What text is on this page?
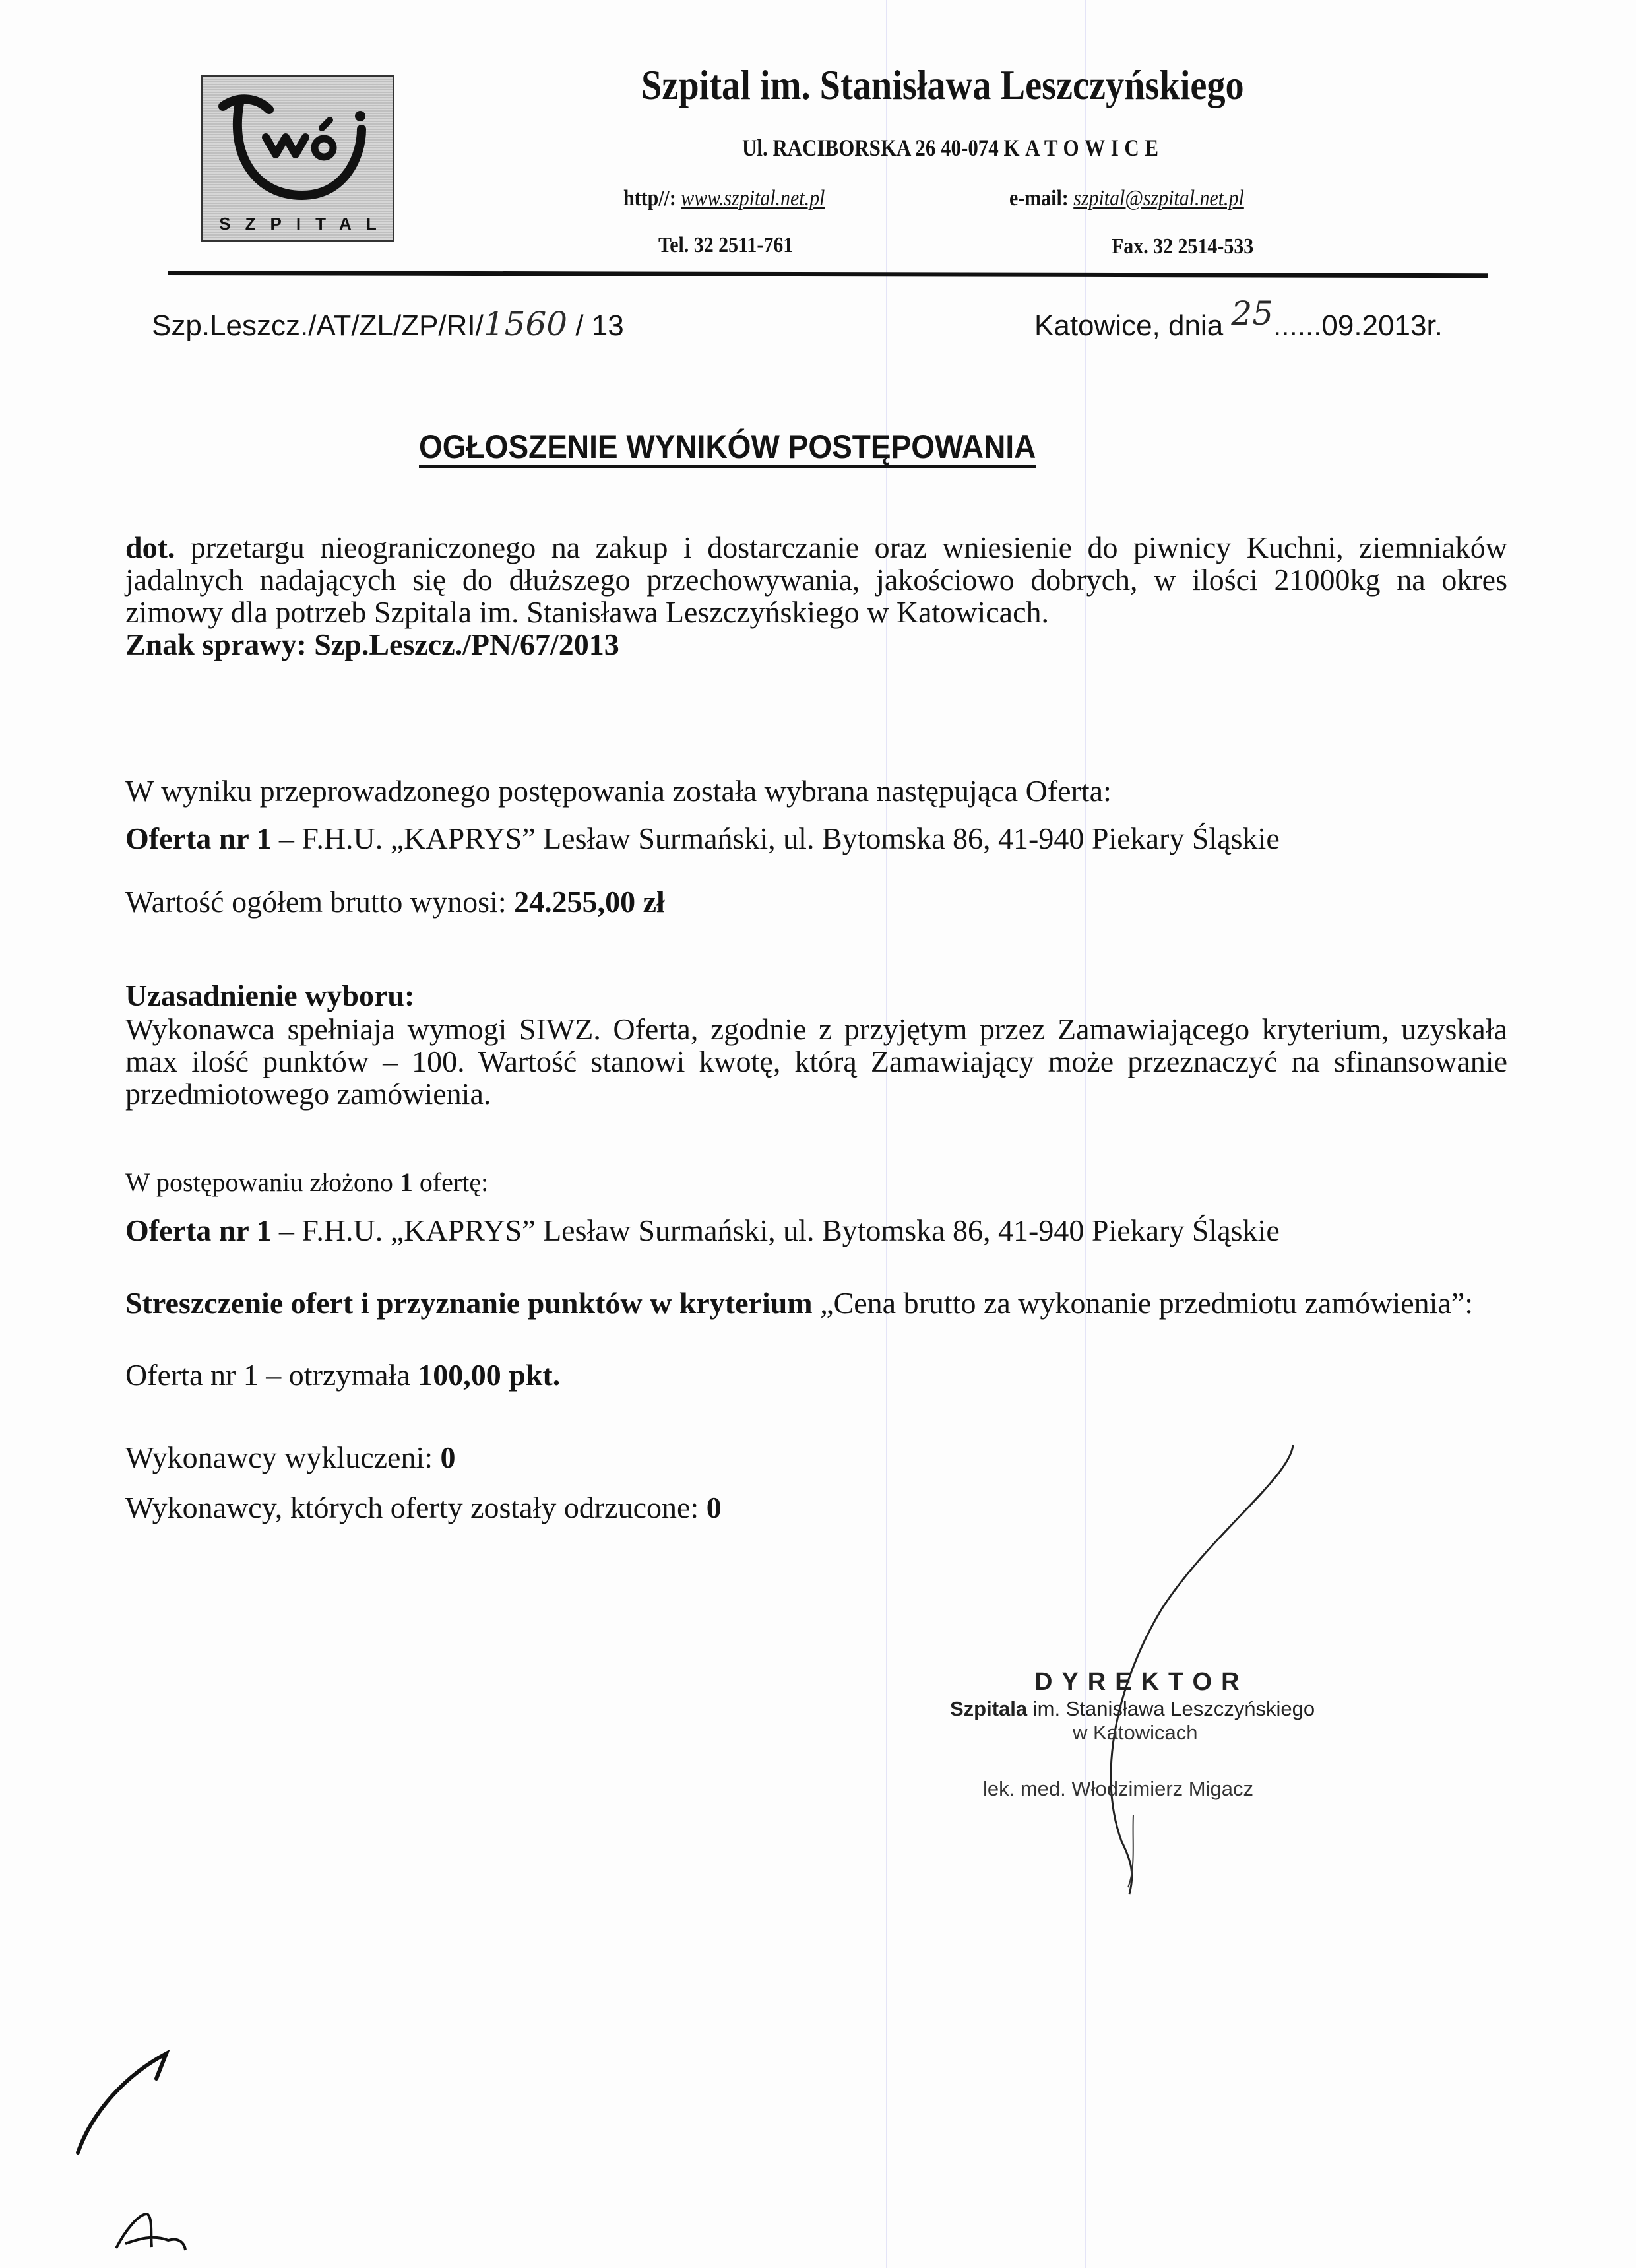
SZPITAL
Szpital im. Stanisława Leszczyńskiego
Ul. RACIBORSKA 26 40-074 KATOWICE
http//: www.szpital.net.pl	e-mail: szpital@szpital.net.pl
Tel. 32 2511-761	Fax. 32 2514-533
Szp.Leszcz./AT/ZL/ZP/RI/1560 / 13	Katowice, dnia 25......09.2013r.
OGŁOSZENIE WYNIKÓW POSTĘPOWANIA
dot. przetargu nieograniczonego na zakup i dostarczanie oraz wniesienie do piwnicy Kuchni, ziemniaków jadalnych nadających się do dłuższego przechowywania, jakościowo dobrych, w ilości 21000kg na okres zimowy dla potrzeb Szpitala im. Stanisława Leszczyńskiego w Katowicach.
Znak sprawy: Szp.Leszcz./PN/67/2013
W wyniku przeprowadzonego postępowania została wybrana następująca Oferta:
Oferta nr 1 – F.H.U. „KAPRYS” Lesław Surmański, ul. Bytomska 86, 41-940 Piekary Śląskie
Wartość ogółem brutto wynosi: 24.255,00 zł
Uzasadnienie wyboru:
Wykonawca spełniaja wymogi SIWZ. Oferta, zgodnie z przyjętym przez Zamawiającego kryterium, uzyskała max ilość punktów – 100. Wartość stanowi kwotę, którą Zamawiający może przeznaczyć na sfinansowanie przedmiotowego zamówienia.
W postępowaniu złożono 1 ofertę:
Oferta nr 1 – F.H.U. „KAPRYS” Lesław Surmański, ul. Bytomska 86, 41-940 Piekary Śląskie
Streszczenie ofert i przyznanie punktów w kryterium „Cena brutto za wykonanie przedmiotu zamówienia”:
Oferta nr 1 – otrzymała 100,00 pkt.
Wykonawcy wykluczeni: 0
Wykonawcy, których oferty zostały odrzucone: 0
DYREKTOR
Szpitala im. Stanisława Leszczyńskiego
w Katowicach
lek. med. Włodzimierz Migacz
